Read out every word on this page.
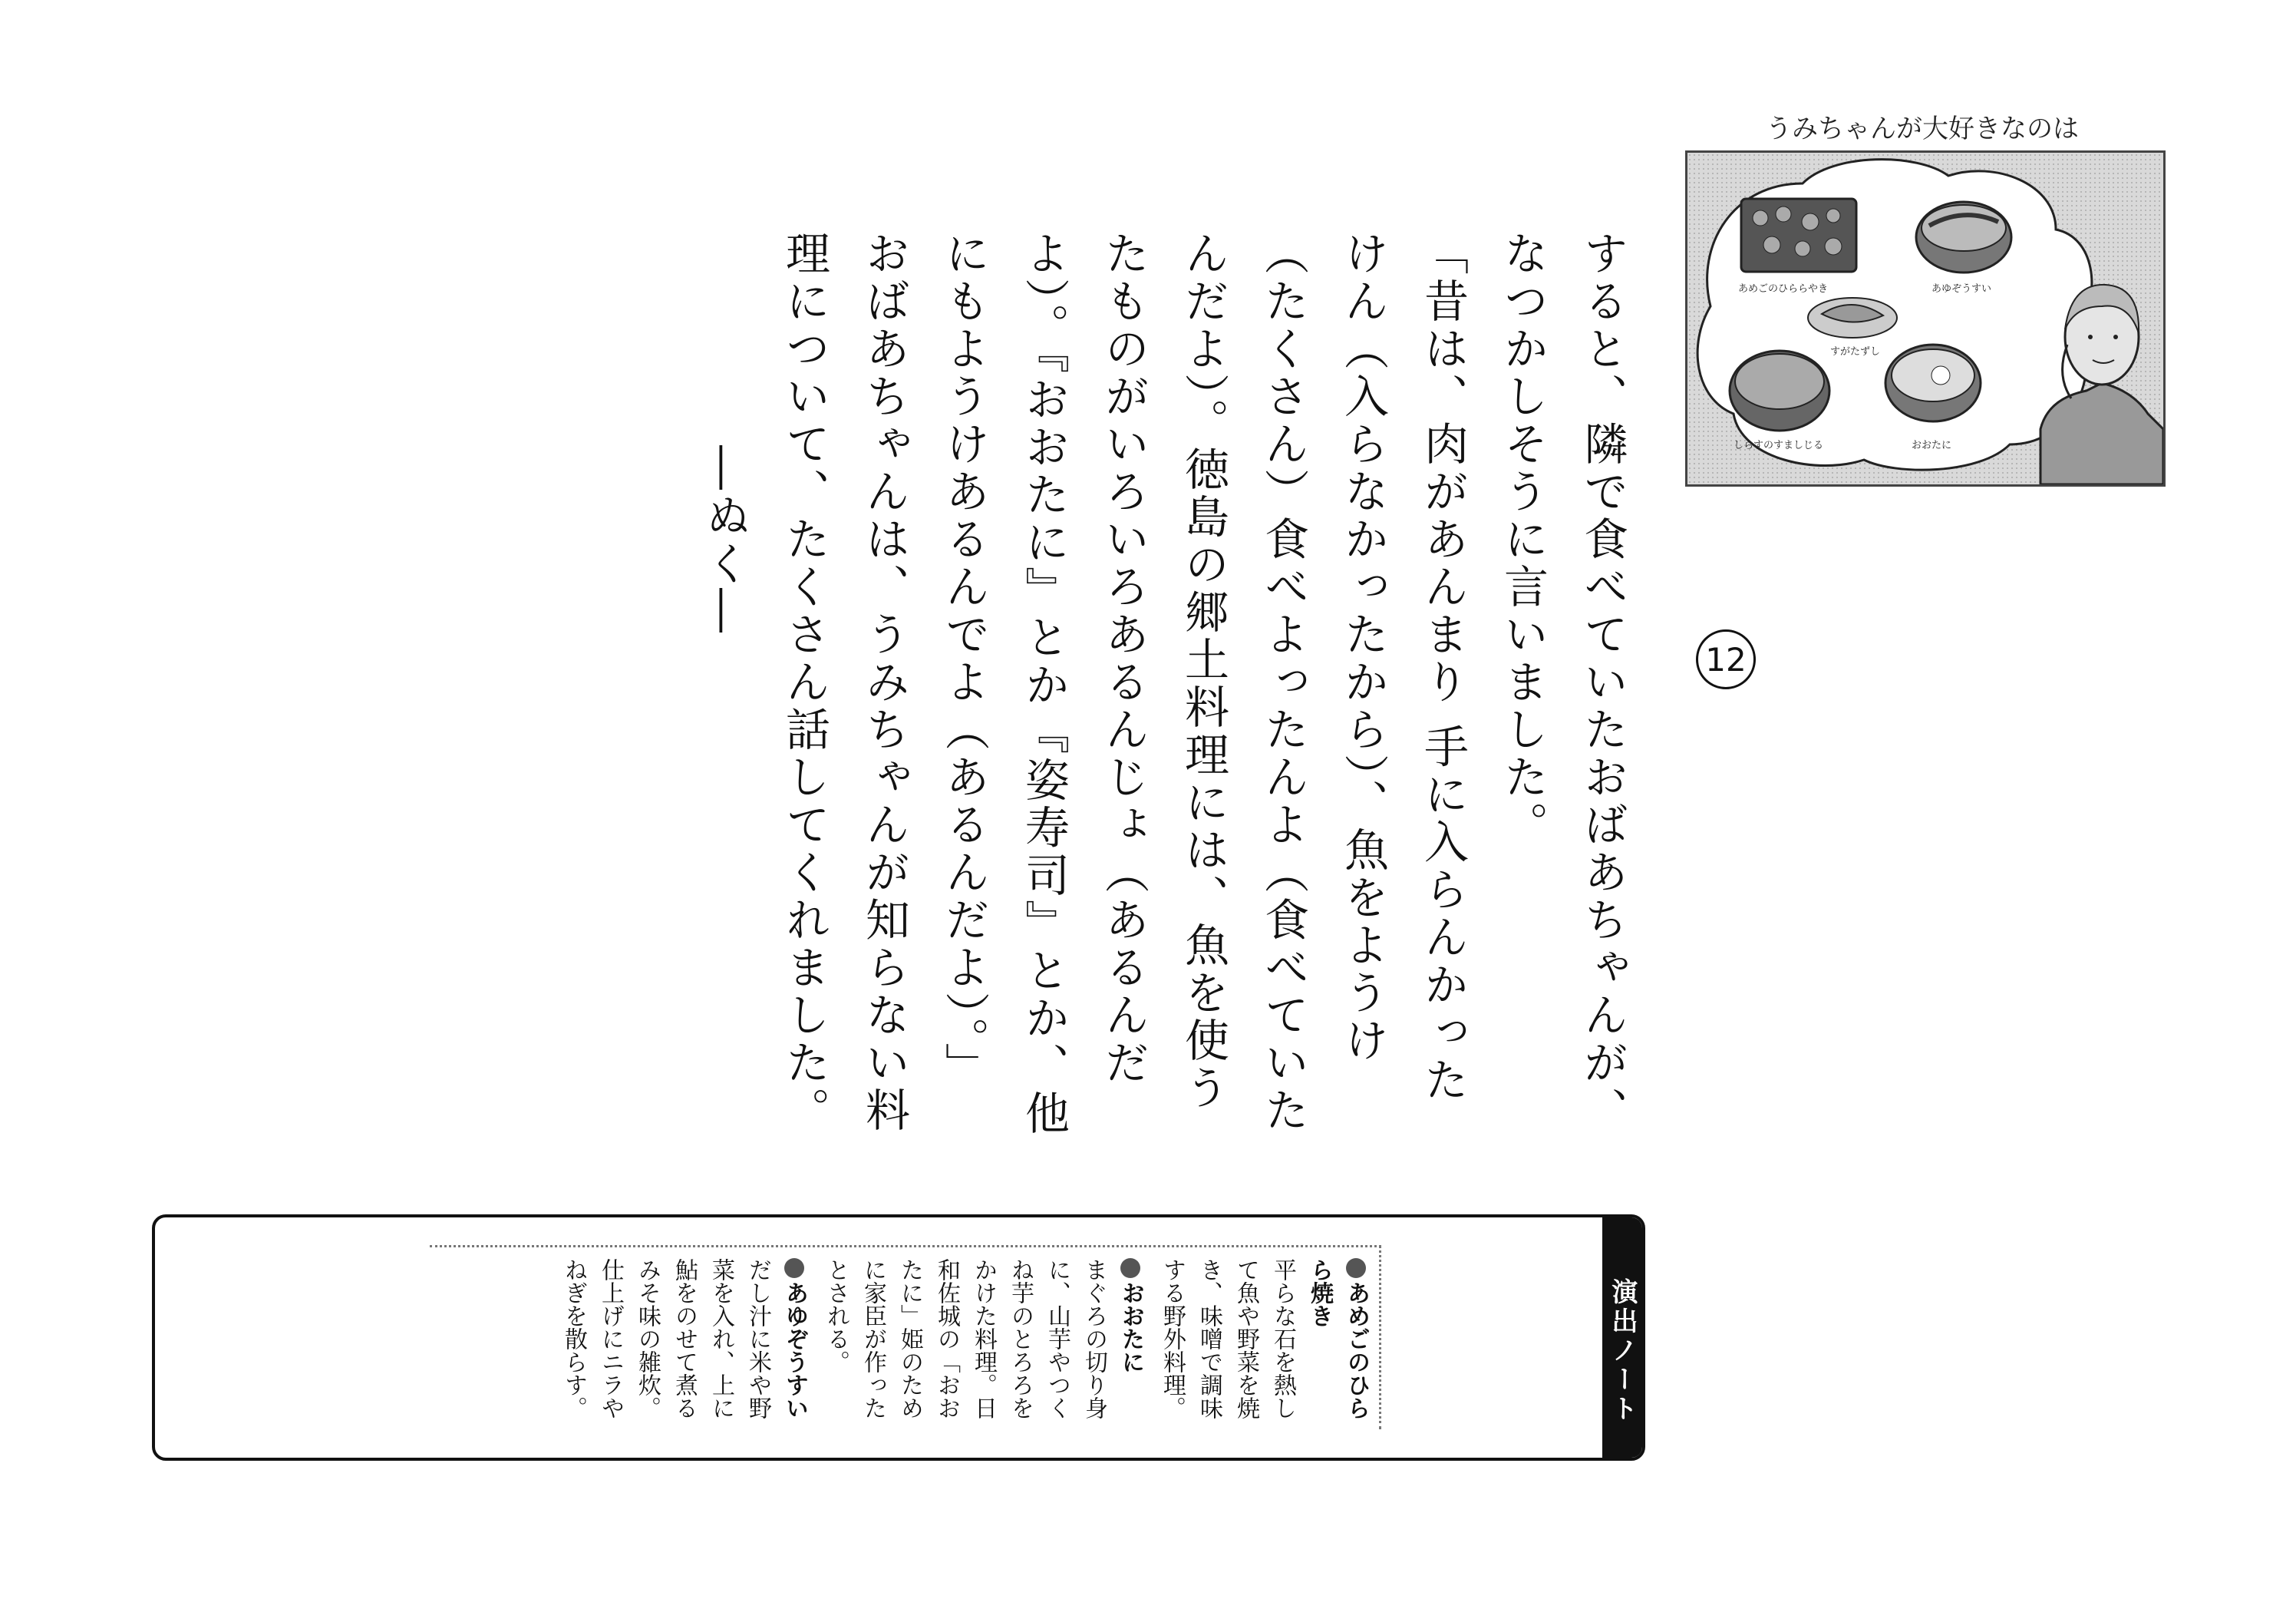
うみちゃんが大好きなのは
あめごのひららやき	あゆぞうすい
すがたずし
しらすのすましじる	おおたに
12

すると、隣で食べていたおばあちゃんが、なつかしそうに言いました。

「昔は、肉があんまり 手に入らんかったけん（入らなかったから）、魚をようけ（たくさん）食べよったんよ（食べていたんだよ）。徳島の郷土料理には、魚を使うたものがいろいろあるんじょ（あるんだよ）。『おおたに』とか『姿寿司』とか、他にもようけあるんでよ（あるんだよ）。」

おばあちゃんは、うみちゃんが知らない料理について、たくさん話してくれました。

―ぬく―

演出ノート
あめごのひらら焼き
平らな石を熱して魚や野菜を焼き、味噌で調味する野外料理。
おおたに
まぐろの切り身に、山芋やつくね芋のとろろをかけた料理。日和佐城の「おおたに」姫のために家臣が作ったとされる。
あゆぞうすい
だし汁に米や野菜を入れ、上に鮎をのせて煮るみそ味の雑炊。仕上げにニラやねぎを散らす。
